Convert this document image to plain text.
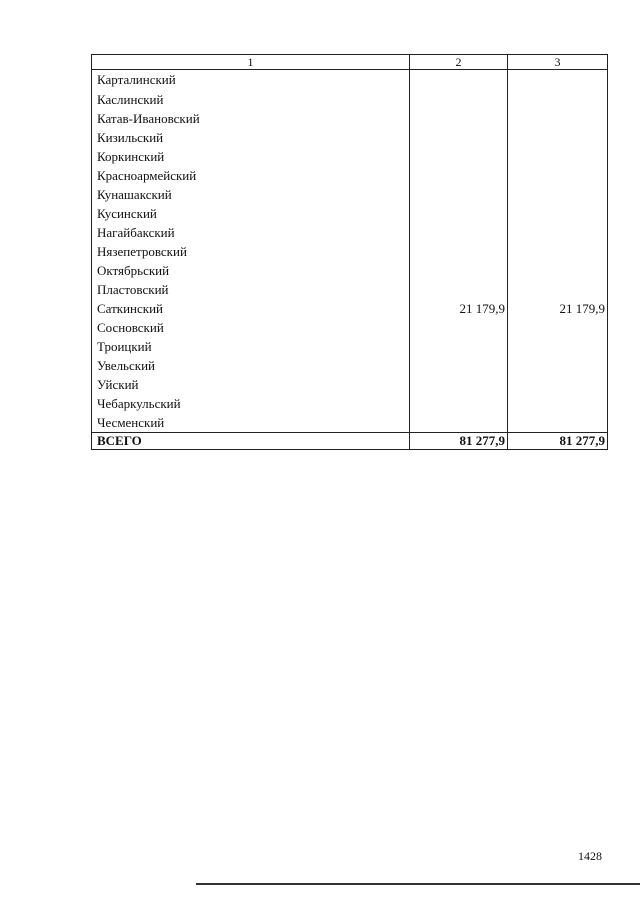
1	2	3
Карталинский		
Каслинский		
Катав-Ивановский		
Кизильский		
Коркинский		
Красноармейский		
Кунашакский		
Кусинский		
Нагайбакский		
Нязепетровский		
Октябрьский		
Пластовский		
Саткинский	21 179,9	21 179,9
Сосновский		
Троицкий		
Увельский		
Уйский		
Чебаркульский		
Чесменский		
ВСЕГО	81 277,9	81 277,9
1428
